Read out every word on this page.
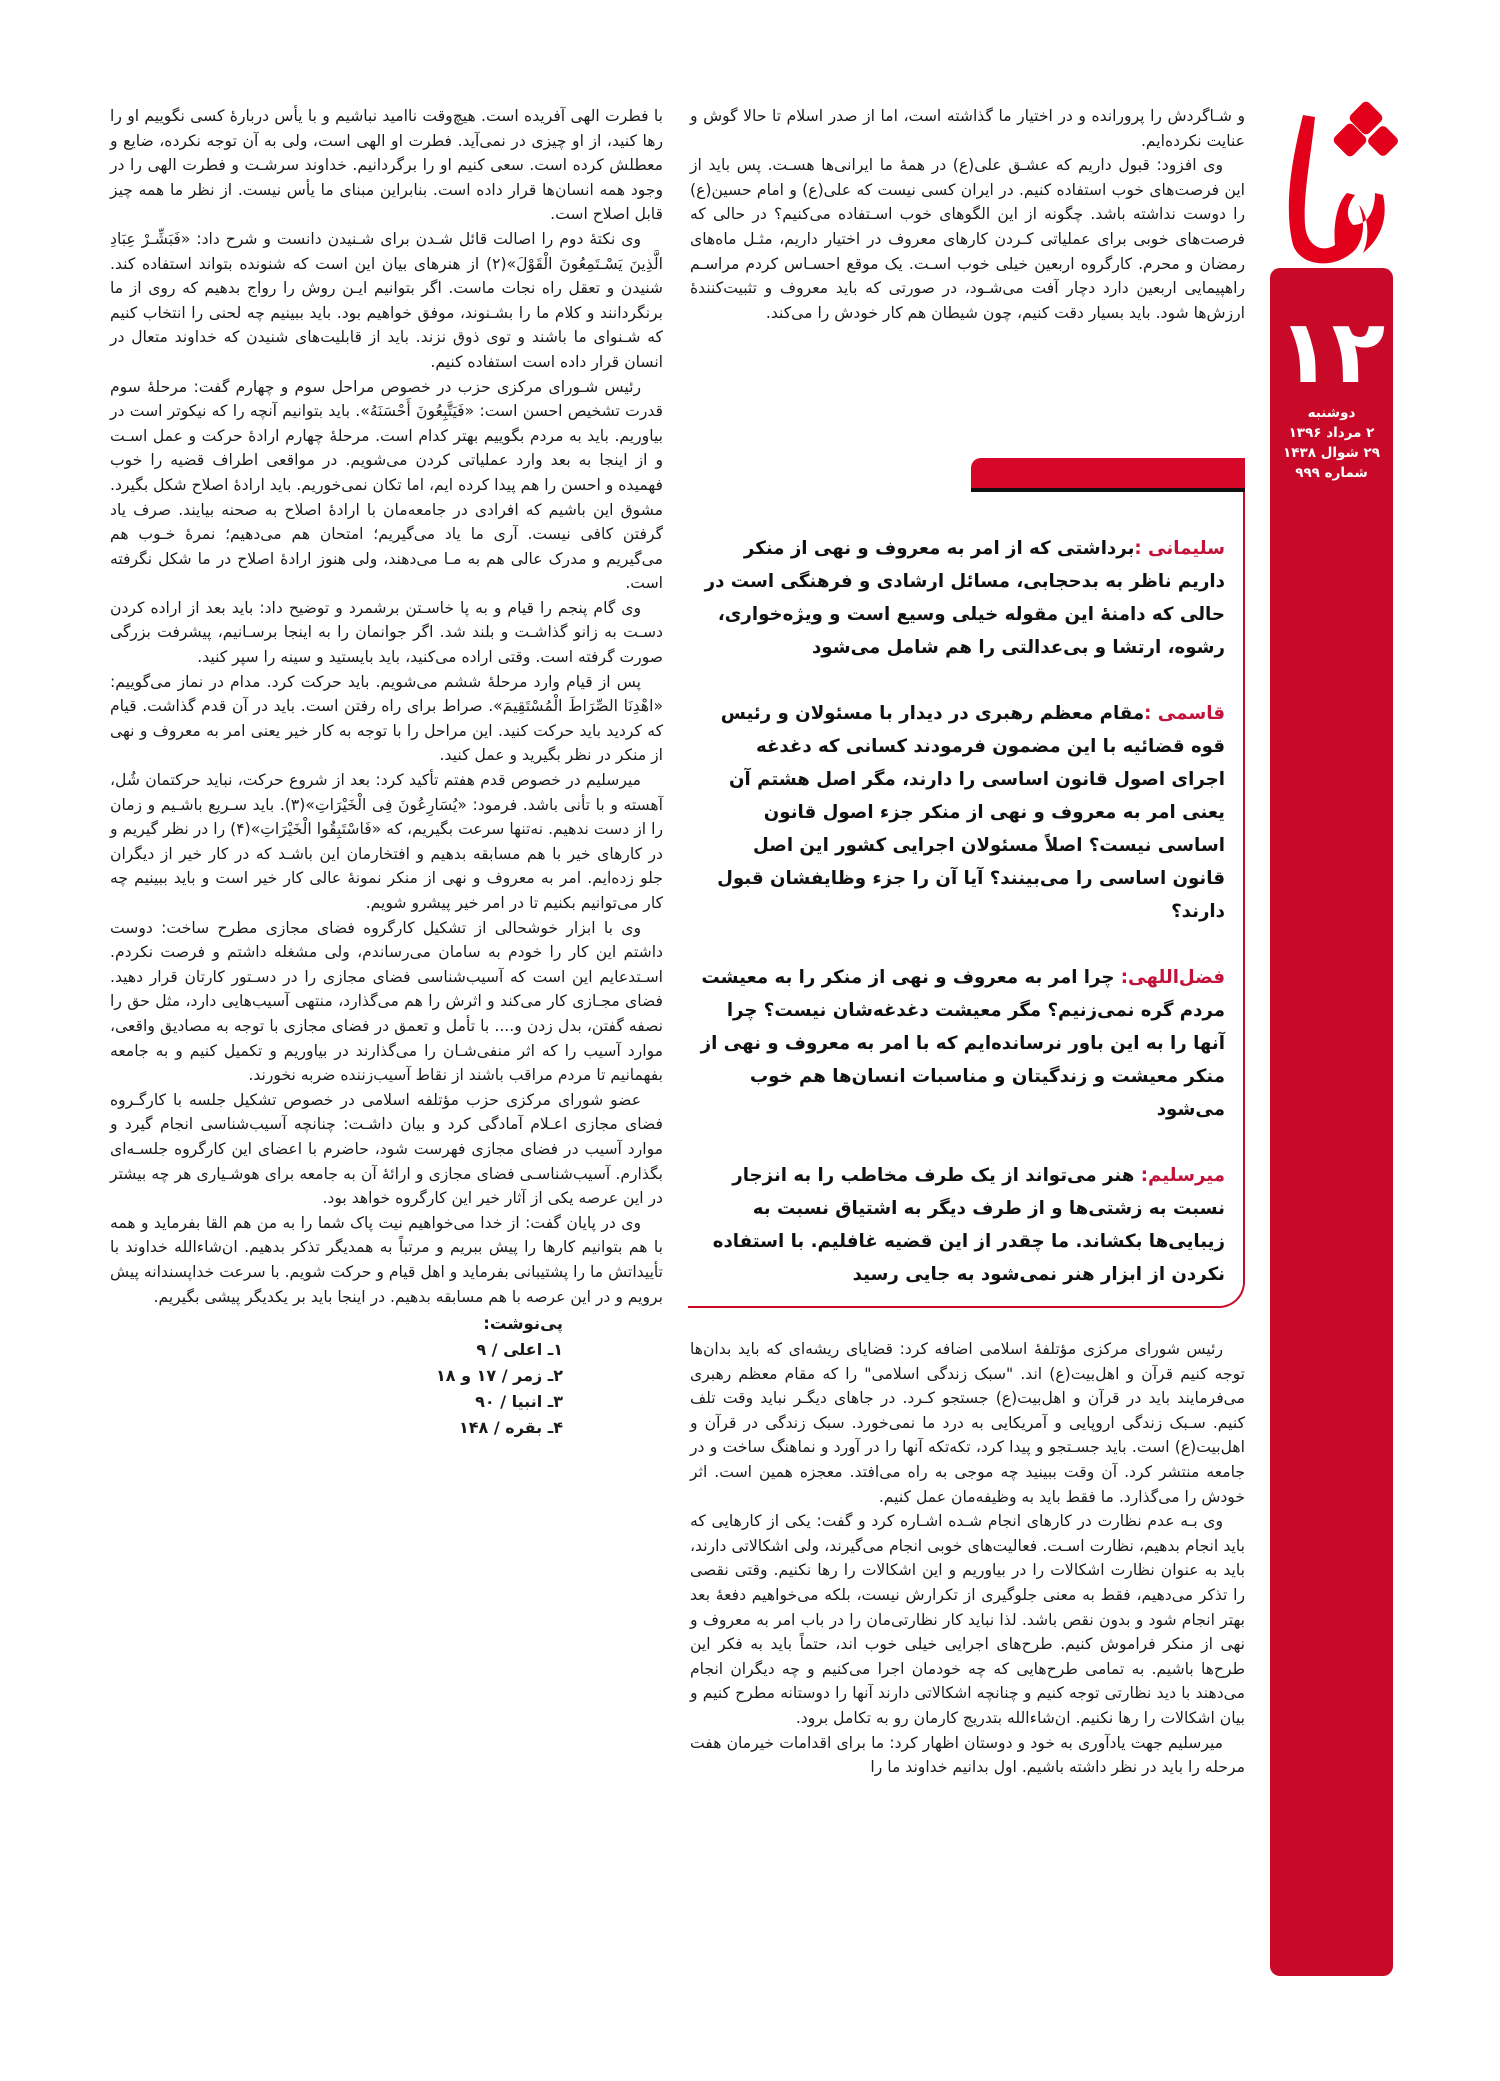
۱۲
دوشنبه
۲ مرداد ۱۳۹۶
۲۹ شوال ۱۴۳۸
شماره ۹۹۹

و شـاگردش را پرورانده و در اختیار ما گذاشته است، اما از صدر اسلام تا حالا گوش و عنایت نکرده‌ایم.

وی افزود: قبول داریم که عشـق علی(ع) در همهٔ ما ایرانی‌ها هسـت. پس باید از این فرصت‌های خوب استفاده کنیم. در ایران کسی نیست که علی(ع) و امام حسین(ع) را دوست نداشته باشد. چگونه از این الگوهای خوب اسـتفاده می‌کنیم؟ در حالی که فرصت‌های خوبی برای عملیاتی کـردن کارهای معروف در اختیار داریم، مثـل ماه‌های رمضان و محرم. کارگروه اربعین خیلی خوب اسـت. یک موقع احسـاس کردم مراسـم راهپیمایی اربعین دارد دچار آفت می‌شـود، در صورتی که باید معروف و تثبیت‌کنندهٔ ارزش‌ها شود. باید بسیار دقت کنیم، چون شیطان هم کار خودش را می‌کند.

سلیمانی :برداشتی که از امر به معروف و نهی از منکر داریم ناظر به بدحجابی، مسائل ارشادی و فرهنگی است در حالی که دامنهٔ این مقوله خیلی وسیع است و ویژه‌خواری، رشوه، ارتشا و بی‌عدالتی را هم شامل می‌شود
قاسمی :مقام معظم رهبری در دیدار با مسئولان و رئیس قوه قضائیه با این مضمون فرمودند کسانی که دغدغه اجرای اصول قانون اساسی را دارند، مگر اصل هشتم آن یعنی امر به معروف و نهی از منکر جزء اصول قانون اساسی نیست؟ اصلاً مسئولان اجرایی کشور این اصل قانون اساسی را می‌بینند؟ آیا آن را جزء وظایفشان قبول دارند؟
فضل‌اللهی: چرا امر به معروف و نهی از منکر را به معیشت مردم گره نمی‌زنیم؟ مگر معیشت دغدغه‌شان نیست؟ چرا آنها را به این باور نرسانده‌ایم که با امر به معروف و نهی از منکر معیشت و زندگیتان و مناسبات انسان‌ها هم خوب می‌شود
میرسلیم: هنر می‌تواند از یک طرف مخاطب را به انزجار نسبت به زشتی‌ها و از طرف دیگر به اشتیاق نسبت به زیبایی‌ها بکشاند. ما چقدر از این قضیه غافلیم. با استفاده نکردن از ابزار هنر نمی‌شود به جایی رسید

رئیس شورای مرکزی مؤتلفهٔ اسلامی اضافه کرد: قضایای ریشه‌ای که باید بدان‌ها توجه کنیم قرآن و اهل‌بیت(ع) اند. "سبک زندگی اسلامی" را که مقام معظم رهبری می‌فرمایند باید در قرآن و اهل‌بیت(ع) جستجو کـرد. در جاهای دیگـر نباید وقت تلف کنیم. سـبک زندگی اروپایی و آمریکایی به درد ما نمی‌خورد. سبک زندگی در قرآن و اهل‌بیت(ع) است. باید جسـتجو و پیدا کرد، تکه‌تکه آنها را در آورد و نماهنگ ساخت و در جامعه منتشر کرد. آن وقت ببینید چه موجی به راه می‌افتد. معجزه همین است. اثر خودش را می‌گذارد. ما فقط باید به وظیفه‌مان عمل کنیم.

وی بـه عدم نظارت در کارهای انجام شـده اشـاره کرد و گفت: یکی از کارهایی که باید انجام بدهیم، نظارت اسـت. فعالیت‌های خوبی انجام می‌گیرند، ولی اشکالاتی دارند، باید به عنوان نظارت اشکالات را در بیاوریم و این اشکالات را رها نکنیم. وقتی نقصی را تذکر می‌دهیم، فقط به معنی جلوگیری از تکرارش نیست، بلکه می‌خواهیم دفعهٔ بعد بهتر انجام شود و بدون نقص باشد. لذا نباید کار نظارتی‌مان را در باب امر به معروف و نهی از منکر فراموش کنیم. طرح‌های اجرایی خیلی خوب اند، حتماً باید به فکر این طرح‌ها باشیم. به تمامی طرح‌هایی که چه خودمان اجرا می‌کنیم و چه دیگران انجام می‌دهند با دید نظارتی توجه کنیم و چنانچه اشکالاتی دارند آنها را دوستانه مطرح کنیم و بیان اشکالات را رها نکنیم. ان‌شاءالله بتدریج کارمان رو به تکامل برود.

میرسلیم جهت یادآوری به خود و دوستان اظهار کرد: ما برای اقدامات خیرمان هفت مرحله را باید در نظر داشته باشیم. اول بدانیم خداوند ما را

با فطرت الهی آفریده است. هیچ‌وقت ناامید نباشیم و با یأس دربارهٔ کسی نگوییم او را رها کنید، از او چیزی در نمی‌آید. فطرت او الهی است، ولی به آن توجه نکرده، ضایع و معطلش کرده است. سعی کنیم او را برگردانیم. خداوند سرشـت و فطرت الهی را در وجود همه انسان‌ها قرار داده است. بنابراین مبنای ما یأس نیست. از نظر ما همه چیز قابل اصلاح است.

وی نکتهٔ دوم را اصالت قائل شـدن برای شـنیدن دانست و شرح داد: «فَبَشِّـرْ عِبَادِ الَّذِینَ یَسْـتَمِعُونَ الْقَوْلَ»(۲) از هنرهای بیان این است که شنونده بتواند استفاده کند. شنیدن و تعقل راه نجات ماست. اگر بتوانیم ایـن روش را رواج بدهیم که روی از ما برنگردانند و کلام ما را بشـنوند، موفق خواهیم بود. باید ببینیم چه لحنی را انتخاب کنیم که شـنوای ما باشند و توی ذوق نزند. باید از قابلیت‌های شنیدن که خداوند متعال در انسان قرار داده است استفاده کنیم.

رئیس شـورای مرکزی حزب در خصوص مراحل سوم و چهارم گفت: مرحلهٔ سوم قدرت تشخیص احسن است: «فَیَتَّبِعُونَ أَحْسَنَهُ». باید بتوانیم آنچه را که نیکوتر است در بیاوریم. باید به مردم بگوییم بهتر کدام است. مرحلهٔ چهارم ارادهٔ حرکت و عمل اسـت و از اینجا به بعد وارد عملیاتی کردن می‌شویم. در مواقعی اطراف قضیه را خوب فهمیده و احسن را هم پیدا کرده ایم، اما تکان نمی‌خوریم. باید ارادهٔ اصلاح شکل بگیرد. مشوق این باشیم که افرادی در جامعه‌مان با ارادهٔ اصلاح به صحنه بیایند. صرف یاد گرفتن کافی نیست. آری ما یاد می‌گیریم؛ امتحان هم می‌دهیم؛ نمرهٔ خـوب هم می‌گیریم و مدرک عالی هم به مـا می‌دهند، ولی هنوز ارادهٔ اصلاح در ما شکل نگرفته است.

وی گام پنجم را قیام و به پا خاسـتن برشمرد و توضیح داد: باید بعد از اراده کردن دسـت به زانو گذاشـت و بلند شد. اگر جوانمان را به اینجا برسـانیم، پیشرفت بزرگی صورت گرفته است. وقتی اراده می‌کنید، باید بایستید و سینه را سپر کنید.

پس از قیام وارد مرحلهٔ ششم می‌شویم. باید حرکت کرد. مدام در نماز می‌گوییم: «اهْدِنَا الصِّرَاطَ الْمُسْتَقِیمَ». صراط برای راه رفتن است. باید در آن قدم گذاشت. قیام که کردید باید حرکت کنید. این مراحل را با توجه به کار خیر یعنی امر به معروف و نهی از منکر در نظر بگیرید و عمل کنید.

میرسلیم در خصوص قدم هفتم تأکید کرد: بعد از شروع حرکت، نباید حرکتمان شُل، آهسته و با تأنی باشد. فرمود: «یُسَارِعُونَ فِی الْخَیْرَاتِ»(۳). باید سـریع باشـیم و زمان را از دست ندهیم. نه‌تنها سرعت بگیریم، که «فَاسْتَبِقُوا الْخَیْرَاتِ»(۴) را در نظر گیریم و در کارهای خیر با هم مسابقه بدهیم و افتخارمان این باشـد که در کار خیر از دیگران جلو زده‌ایم. امر به معروف و نهی از منکر نمونهٔ عالی کار خیر است و باید ببینیم چه کار می‌توانیم بکنیم تا در امر خیر پیشرو شویم.

وی با ابزار خوشحالی از تشکیل کارگروه فضای مجازی مطرح ساخت: دوست داشتم این کار را خودم به سامان می‌رساندم، ولی مشغله داشتم و فرصت نکردم. اسـتدعایم این است که آسیب‌شناسی فضای مجازی را در دسـتور کارتان قرار دهید. فضای مجـازی کار می‌کند و اثرش را هم می‌گذارد، منتهی آسیب‌هایی دارد، مثل حق را نصفه گفتن، بدل زدن و.... با تأمل و تعمق در فضای مجازی با توجه به مصادیق واقعی، موارد آسیب را که اثر منفی‌شـان را می‌گذارند در بیاوریم و تکمیل کنیم و به جامعه بفهمانیم تا مردم مراقب باشند از نقاط آسیب‌زننده ضربه نخورند.

عضو شورای مرکزی حزب مؤتلفه اسلامی در خصوص تشکیل جلسه با کارگـروه فضای مجازی اعـلام آمادگی کرد و بیان داشـت: چنانچه آسیب‌شناسی انجام گیرد و موارد آسیب در فضای مجازی فهرست شود، حاضرم با اعضای این کارگروه جلسـه‌ای بگذارم. آسیب‌شناسـی فضای مجازی و ارائهٔ آن به جامعه برای هوشـیاری هر چه بیشتر در این عرصه یکی از آثار خیر این کارگروه خواهد بود.

وی در پایان گفت: از خدا می‌خواهیم نیت پاک شما را به من هم القا بفرماید و همه با هم بتوانیم کارها را پیش ببریم و مرتباً به همدیگر تذکر بدهیم. ان‌شاءالله خداوند با تأییداتش ما را پشتیبانی بفرماید و اهل قیام و حرکت شویم. با سرعت خداپسندانه پیش برویم و در این عرصه با هم مسابقه بدهیم. در اینجا باید بر یکدیگر پیشی بگیریم.

پی‌نوشت:
۱ـ اعلی / ۹
۲ـ زمر / ۱۷ و ۱۸
۳ـ انبیا / ۹۰
۴ـ بقره / ۱۴۸
